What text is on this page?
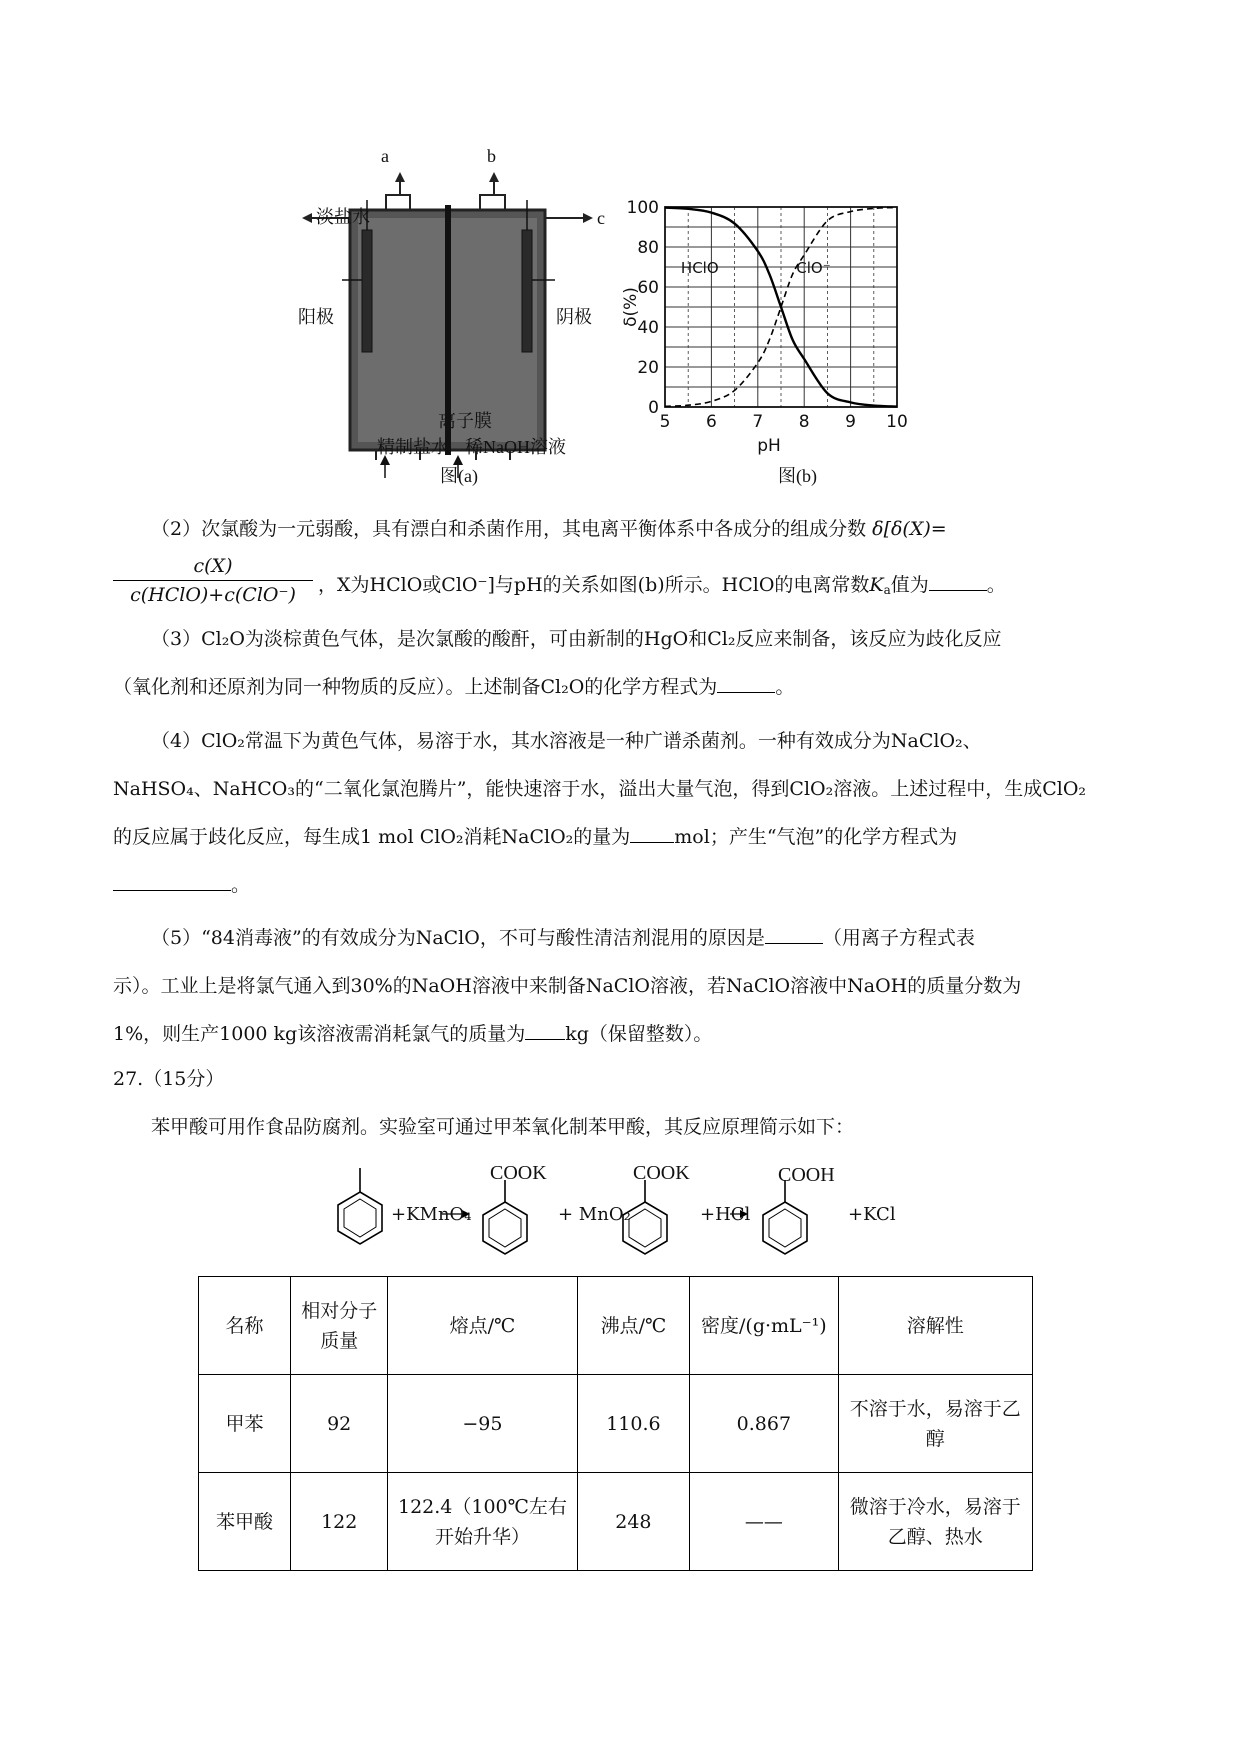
a	b
c
淡盐水
阳极	阴极
离子膜
精制盐水 稀NaOH溶液
图(a)
5 6 7 8 9 10
0
20
40
60
80
100
pH
δ(%)
HClO	ClO⁻
图(b)
（2）次氯酸为一元弱酸，具有漂白和杀菌作用，其电离平衡体系中各成分的组成分数 δ[δ(X)=
c(X)
c(HClO)+c(ClO⁻)	，X为HClO或ClO⁻]与pH的关系如图(b)所示。HClO的电离常数$K_a$值为	。
（3）Cl₂O为淡棕黄色气体，是次氯酸的酸酐，可由新制的HgO和Cl₂反应来制备，该反应为歧化反应
（氧化剂和还原剂为同一种物质的反应）。上述制备Cl₂O的化学方程式为	。
（4）ClO₂常温下为黄色气体，易溶于水，其水溶液是一种广谱杀菌剂。一种有效成分为NaClO₂、
NaHSO₄、NaHCO₃的“二氧化氯泡腾片”，能快速溶于水，溢出大量气泡，得到ClO₂溶液。上述过程中，生成ClO₂
的反应属于歧化反应，每生成1 mol ClO₂消耗NaClO₂的量为 mol；产生“气泡”的化学方程式为
。
（5）“84消毒液”的有效成分为NaClO，不可与酸性清洁剂混用的原因是	（用离子方程式表
示）。工业上是将氯气通入到30%的NaOH溶液中来制备NaClO溶液，若NaClO溶液中NaOH的质量分数为
1%，则生产1000 kg该溶液需消耗氯气的质量为 kg（保留整数）。
27.（15分）
苯甲酸可用作食品防腐剂。实验室可通过甲苯氧化制苯甲酸，其反应原理简示如下：
+KMnO₄
COOK
+ MnO₂
COOK
+HCl
COOH
+KCl
名称	相对分子质量	熔点/℃	沸点/℃	密度/(g·mL⁻¹)	溶解性
甲苯	92	−95	110.6	0.867	不溶于水，易溶于乙醇
苯甲酸	122	122.4（100℃左右开始升华）	248	——	微溶于冷水，易溶于乙醇、热水
